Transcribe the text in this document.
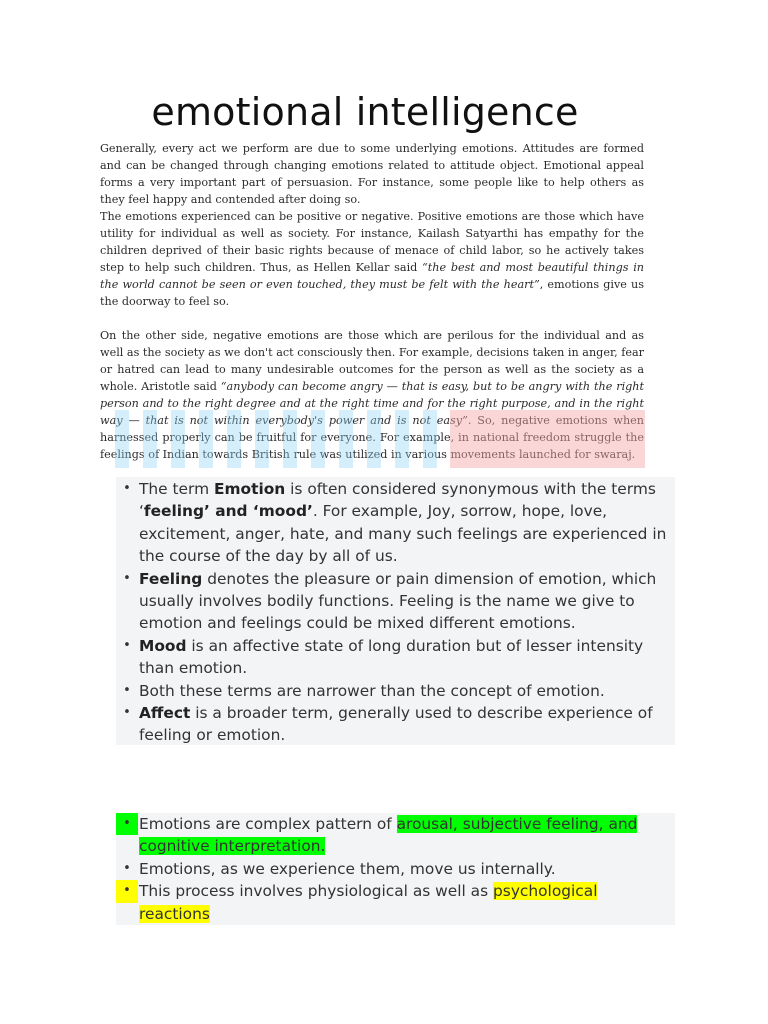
emotional intelligence

Generally, every act we perform are due to some underlying emotions. Attitudes are formed and can be changed through changing emotions related to attitude object. Emotional appeal forms a very important part of persuasion. For instance, some people like to help others as they feel happy and contended after doing so.

The emotions experienced can be positive or negative. Positive emotions are those which have utility for individual as well as society. For instance, Kailash Satyarthi has empathy for the children deprived of their basic rights because of menace of child labor, so he actively takes step to help such children. Thus, as Hellen Kellar said “the best and most beautiful things in the world cannot be seen or even touched, they must be felt with the heart”, emotions give us the doorway to feel so.

On the other side, negative emotions are those which are perilous for the individual and as well as the society as we don't act consciously then. For example, decisions taken in anger, fear or hatred can lead to many undesirable outcomes for the person as well as the society as a whole. Aristotle said “anybody can become angry — that is easy, but to be angry with the right person and to the right degree and at the right time and for the right purpose, and in the right way — that is not within everybody's power and is not easy”. So, negative emotions when harnessed properly can be fruitful for everyone. For example, in national freedom struggle the feelings of Indian towards British rule was utilized in various movements launched for swaraj.

• The term Emotion is often considered synonymous with the terms ‘feeling’ and ‘mood’. For example, Joy, sorrow, hope, love, excitement, anger, hate, and many such feelings are experienced in the course of the day by all of us.
• Feeling denotes the pleasure or pain dimension of emotion, which usually involves bodily functions. Feeling is the name we give to emotion and feelings could be mixed different emotions.
• Mood is an affective state of long duration but of lesser intensity than emotion.
• Both these terms are narrower than the concept of emotion.
• Affect is a broader term, generally used to describe experience of feeling or emotion.
• Emotions are complex pattern of arousal, subjective feeling, and cognitive interpretation.
• Emotions, as we experience them, move us internally.
• This process involves physiological as well as psychological reactions
